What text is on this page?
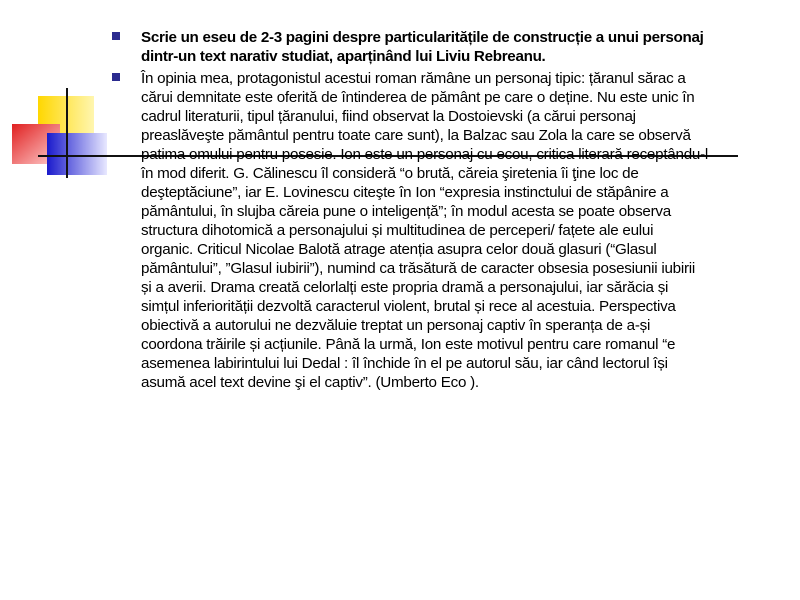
Scrie un eseu de 2-3 pagini despre particularitățile de construcție a unui personaj
dintr-un text narativ studiat, aparținând lui Liviu Rebreanu.
În opinia mea, protagonistul acestui roman rămâne un personaj tipic: țăranul sărac a
cărui demnitate este oferită de întinderea de pământ pe care o deține. Nu este unic în
cadrul literaturii, tipul țăranului, fiind observat la Dostoievski (a cărui personaj
preaslăveşte pământul pentru toate care sunt), la Balzac sau Zola la care se observă
patima omului pentru posesie. Ion este un personaj cu ecou, critica literară receptându-l
în mod diferit. G. Călinescu îl consideră “o brută, căreia şiretenia îi ţine loc de
deşteptăciune”, iar E. Lovinescu citeşte în Ion “expresia instinctului de stăpânire a
pământului, în slujba căreia pune o inteligență”; în modul acesta se poate observa
structura dihotomică a personajului și multitudinea de perceperi/ fațete ale eului
organic. Criticul Nicolae Balotă atrage atenția asupra celor două glasuri (“Glasul
pământului”, ”Glasul iubirii”), numind ca trăsătură de caracter obsesia posesiunii iubirii
și a averii. Drama creată celorlalți este propria dramă a personajului, iar sărăcia și
simțul inferiorității dezvoltă caracterul violent, brutal și rece al acestuia. Perspectiva
obiectivă a autorului ne dezvăluie treptat un personaj captiv în speranța de a-și
coordona trăirile și acțiunile. Până la urmă, Ion este motivul pentru care romanul “e
asemenea labirintului lui Dedal : îl închide în el pe autorul său, iar când lectorul își
asumă acel text devine şi el captiv”. (Umberto Eco ).
